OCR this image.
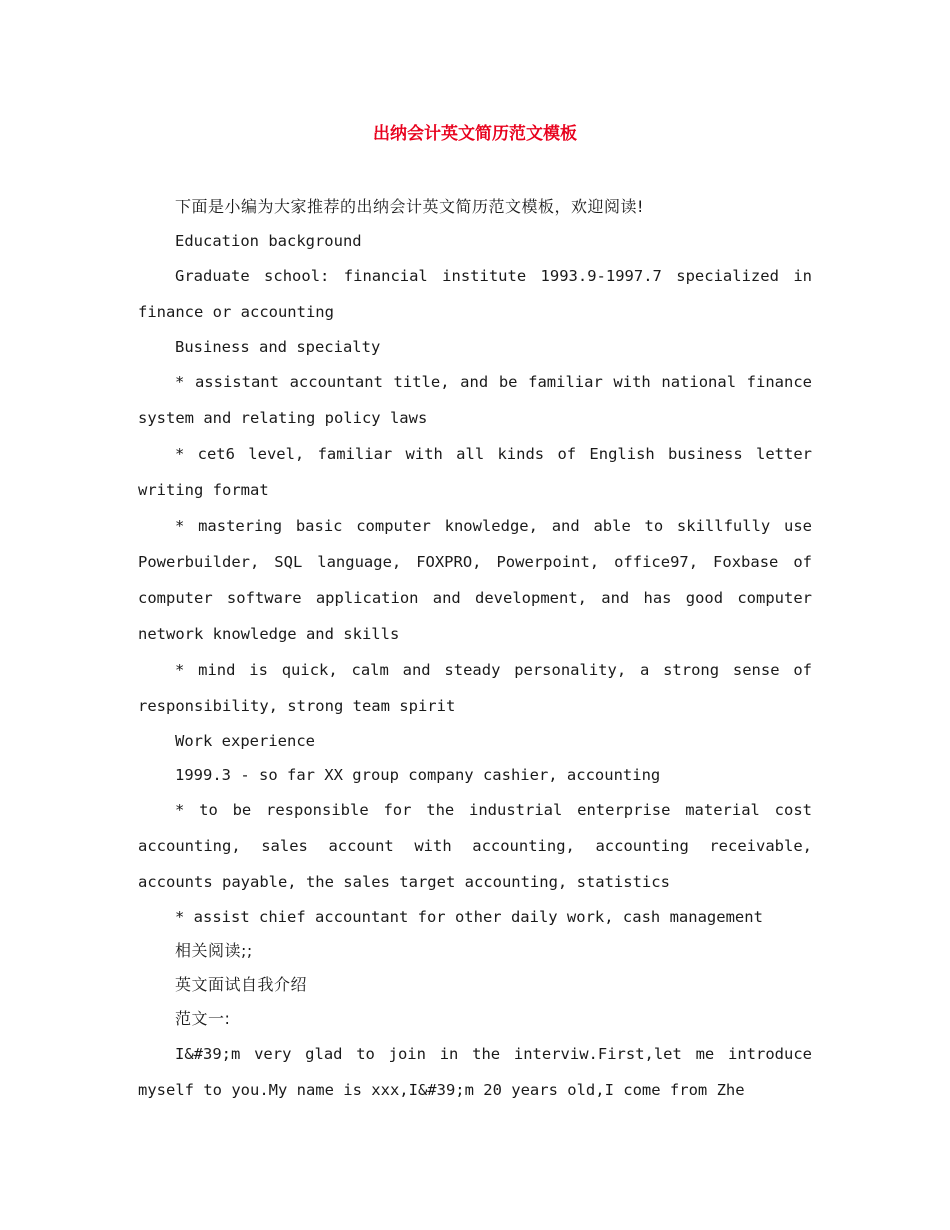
出纳会计英文简历范文模板

下面是小编为大家推荐的出纳会计英文简历范文模板，欢迎阅读!

Education background

Graduate school: financial institute 1993.9-1997.7 specialized in finance or accounting

Business and specialty

* assistant accountant title, and be familiar with national finance system and relating policy laws

* cet6 level, familiar with all kinds of English business letter writing format

* mastering basic computer knowledge, and able to skillfully use Powerbuilder, SQL language, FOXPRO, Powerpoint, office97, Foxbase of computer software application and development, and has good computer network knowledge and skills

* mind is quick, calm and steady personality, a strong sense of responsibility, strong team spirit

Work experience

1999.3 - so far XX group company cashier, accounting

* to be responsible for the industrial enterprise material cost accounting, sales account with accounting, accounting receivable, accounts payable, the sales target accounting, statistics

* assist chief accountant for other daily work, cash management

相关阅读;;

英文面试自我介绍

范文一:

I&#39;m very glad to join in the interviw.First,let me introduce myself to you.My name is xxx,I&#39;m 20 years old,I come from Zhe
